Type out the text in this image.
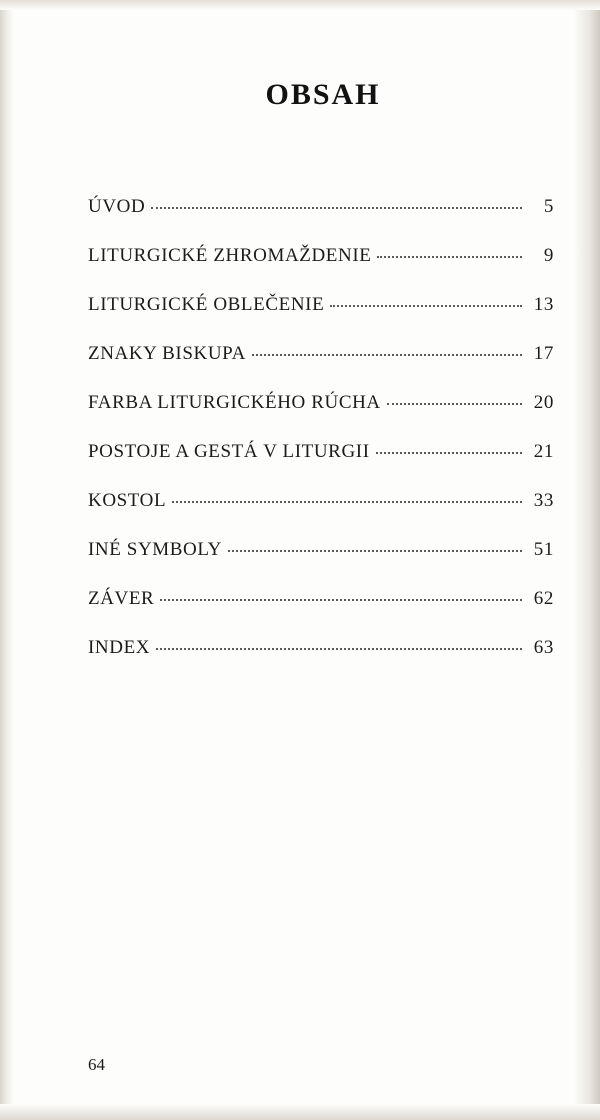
OBSAH
ÚVOD	5
LITURGICKÉ ZHROMAŽDENIE	9
LITURGICKÉ OBLEČENIE	13
ZNAKY BISKUPA	17
FARBA LITURGICKÉHO RÚCHA	20
POSTOJE A GESTÁ V LITURGII	21
KOSTOL	33
INÉ SYMBOLY	51
ZÁVER	62
INDEX	63
64
